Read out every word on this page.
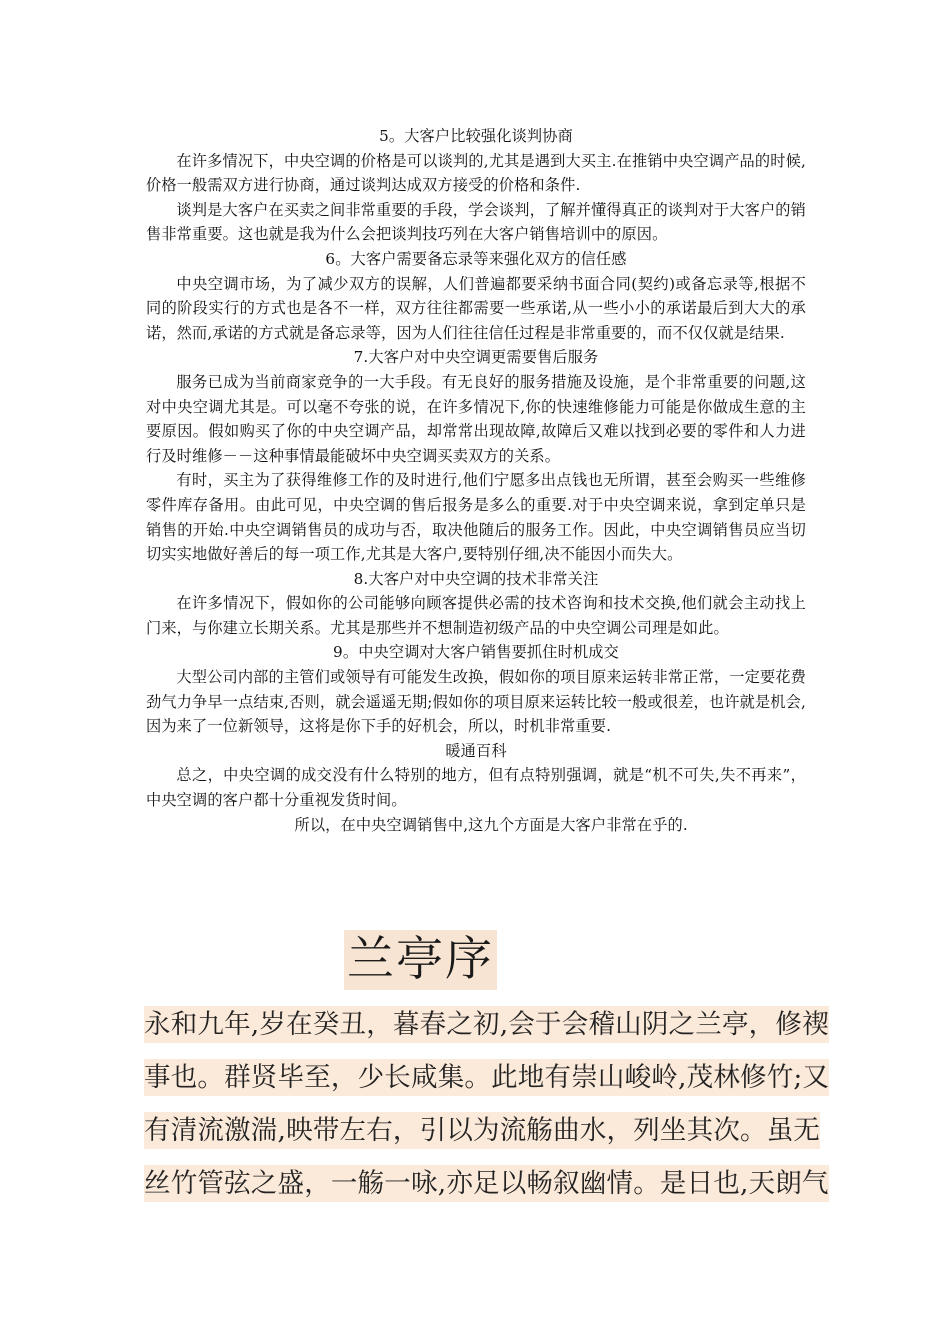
5。大客户比较强化谈判协商

在许多情况下，中央空调的价格是可以谈判的,尤其是遇到大买主.在推销中央空调产品的时候,价格一般需双方进行协商，通过谈判达成双方接受的价格和条件.

谈判是大客户在买卖之间非常重要的手段，学会谈判，了解并懂得真正的谈判对于大客户的销售非常重要。这也就是我为什么会把谈判技巧列在大客户销售培训中的原因。

6。大客户需要备忘录等来强化双方的信任感

中央空调市场，为了减少双方的误解，人们普遍都要采纳书面合同(契约)或备忘录等,根据不同的阶段实行的方式也是各不一样，双方往往都需要一些承诺,从一些小小的承诺最后到大大的承诺，然而,承诺的方式就是备忘录等，因为人们往往信任过程是非常重要的，而不仅仅就是结果.

7.大客户对中央空调更需要售后服务

服务已成为当前商家竞争的一大手段。有无良好的服务措施及设施，是个非常重要的问题,这对中央空调尤其是。可以毫不夸张的说，在许多情况下,你的快速维修能力可能是你做成生意的主要原因。假如购买了你的中央空调产品，却常常出现故障,故障后又难以找到必要的零件和人力进行及时维修－－这种事情最能破坏中央空调买卖双方的关系。

有时，买主为了获得维修工作的及时进行,他们宁愿多出点钱也无所谓，甚至会购买一些维修零件库存备用。由此可见，中央空调的售后报务是多么的重要.对于中央空调来说，拿到定单只是销售的开始.中央空调销售员的成功与否，取决他随后的服务工作。因此，中央空调销售员应当切切实实地做好善后的每一项工作,尤其是大客户,要特别仔细,决不能因小而失大。

8.大客户对中央空调的技术非常关注

在许多情况下，假如你的公司能够向顾客提供必需的技术咨询和技术交换,他们就会主动找上门来，与你建立长期关系。尤其是那些并不想制造初级产品的中央空调公司理是如此。

9。中央空调对大客户销售要抓住时机成交

大型公司内部的主管们或领导有可能发生改换，假如你的项目原来运转非常正常，一定要花费劲气力争早一点结束,否则，就会遥遥无期;假如你的项目原来运转比较一般或很差，也许就是机会,因为来了一位新领导，这将是你下手的好机会，所以，时机非常重要.

暖通百科

总之，中央空调的成交没有什么特别的地方，但有点特别强调，就是“机不可失,失不再来”，中央空调的客户都十分重视发货时间。

所以，在中央空调销售中,这九个方面是大客户非常在乎的.

兰亭序
永和九年,岁在癸丑，暮春之初,会于会稽山阴之兰亭，修禊
事也。群贤毕至，少长咸集。此地有崇山峻岭,茂林修竹;又
有清流激湍,映带左右，引以为流觞曲水，列坐其次。虽无
丝竹管弦之盛，一觞一咏,亦足以畅叙幽情。是日也,天朗气
